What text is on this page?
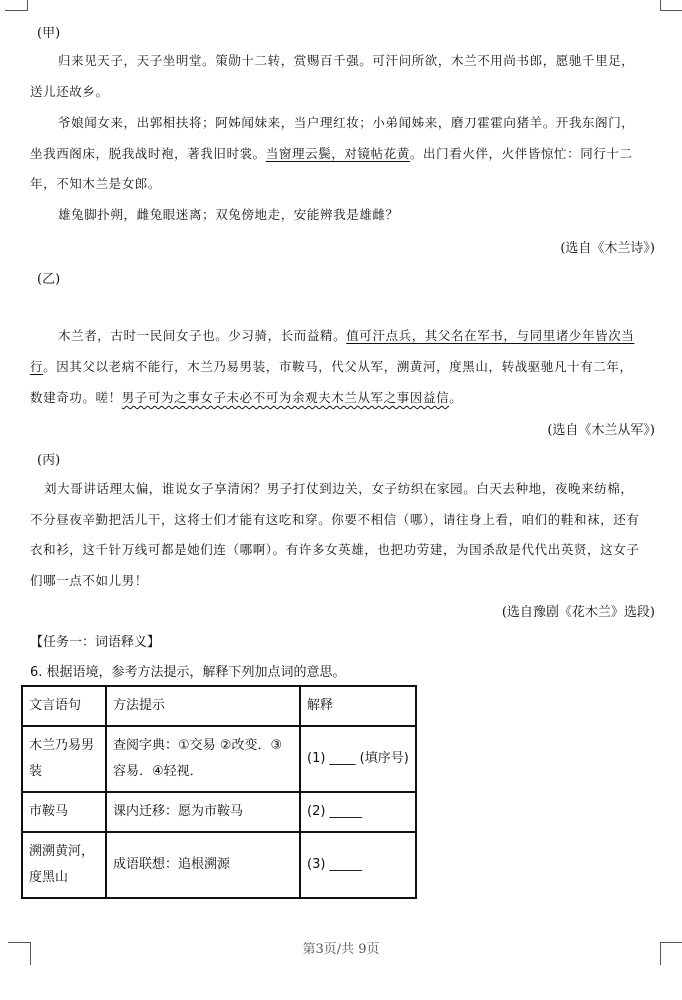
(甲)
归来见天子，天子坐明堂。策勋十二转，赏赐百千强。可汗问所欲，木兰不用尚书郎，愿驰千里足，
送儿还故乡。
爷娘闻女来，出郭相扶将；阿姊闻妹来，当户理红妆；小弟闻姊来，磨刀霍霍向猪羊。开我东阁门，
坐我西阁床，脱我战时袍，著我旧时裳。当窗理云鬓，对镜帖花黄。出门看火伴，火伴皆惊忙：同行十二
年，不知木兰是女郎。
雄兔脚扑朔，雌兔眼迷离；双兔傍地走，安能辨我是雄雌？
(选自《木兰诗》)
(乙)
木兰者，古时一民间女子也。少习骑，长而益精。值可汗点兵，其父名在军书，与同里诸少年皆次当
行。因其父以老病不能行，木兰乃易男装，市鞍马，代父从军，溯黄河，度黑山，转战驱驰凡十有二年，
数建奇功。嗟！男子可为之事女子未必不可为余观夫木兰从军之事因益信。
(选自《木兰从军》)
(丙)
刘大哥讲话理太偏，谁说女子享清闲？男子打仗到边关，女子纺织在家园。白天去种地，夜晚来纺棉，
不分昼夜辛勤把活儿干，这将士们才能有这吃和穿。你要不相信（哪），请往身上看，咱们的鞋和袜，还有
衣和衫，这千针万线可都是她们连（哪啊）。有许多女英雄，也把功劳建，为国杀敌是代代出英贤，这女子
们哪一点不如儿男！
(选自豫剧《花木兰》选段)
【任务一：词语释义】
6. 根据语境，参考方法提示，解释下列加点词的意思。
文言语句	方法提示	解释
木兰乃易男装	查阅字典：①交易 ②改变．③容易．④轻视．	(1) ____ (填序号)
市鞍马	课内迁移：愿为市鞍马	(2) _____
溯溯黄河，度黑山	成语联想：追根溯源	(3) _____
第3页/共 9页
